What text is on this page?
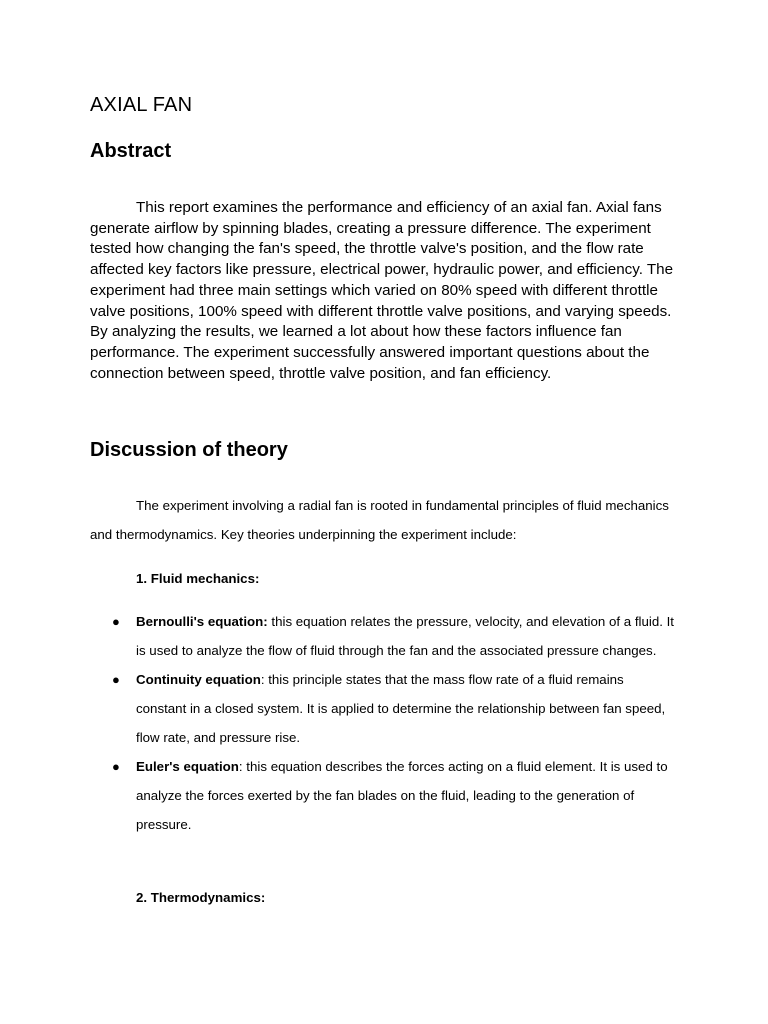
AXIAL FAN
Abstract

This report examines the performance and efficiency of an axial fan. Axial fans generate airflow by spinning blades, creating a pressure difference. The experiment tested how changing the fan's speed, the throttle valve's position, and the flow rate affected key factors like pressure, electrical power, hydraulic power, and efficiency. The experiment had three main settings which varied on 80% speed with different throttle valve positions, 100% speed with different throttle valve positions, and varying speeds. By analyzing the results, we learned a lot about how these factors influence fan performance. The experiment successfully answered important questions about the connection between speed, throttle valve position, and fan efficiency.

Discussion of theory

The experiment involving a radial fan is rooted in fundamental principles of fluid mechanics and thermodynamics. Key theories underpinning the experiment include:

1. Fluid mechanics:

● Bernoulli's equation: this equation relates the pressure, velocity, and elevation of a fluid. It is used to analyze the flow of fluid through the fan and the associated pressure changes.
● Continuity equation: this principle states that the mass flow rate of a fluid remains constant in a closed system. It is applied to determine the relationship between fan speed, flow rate, and pressure rise.
● Euler's equation: this equation describes the forces acting on a fluid element. It is used to analyze the forces exerted by the fan blades on the fluid, leading to the generation of pressure.

2. Thermodynamics:
